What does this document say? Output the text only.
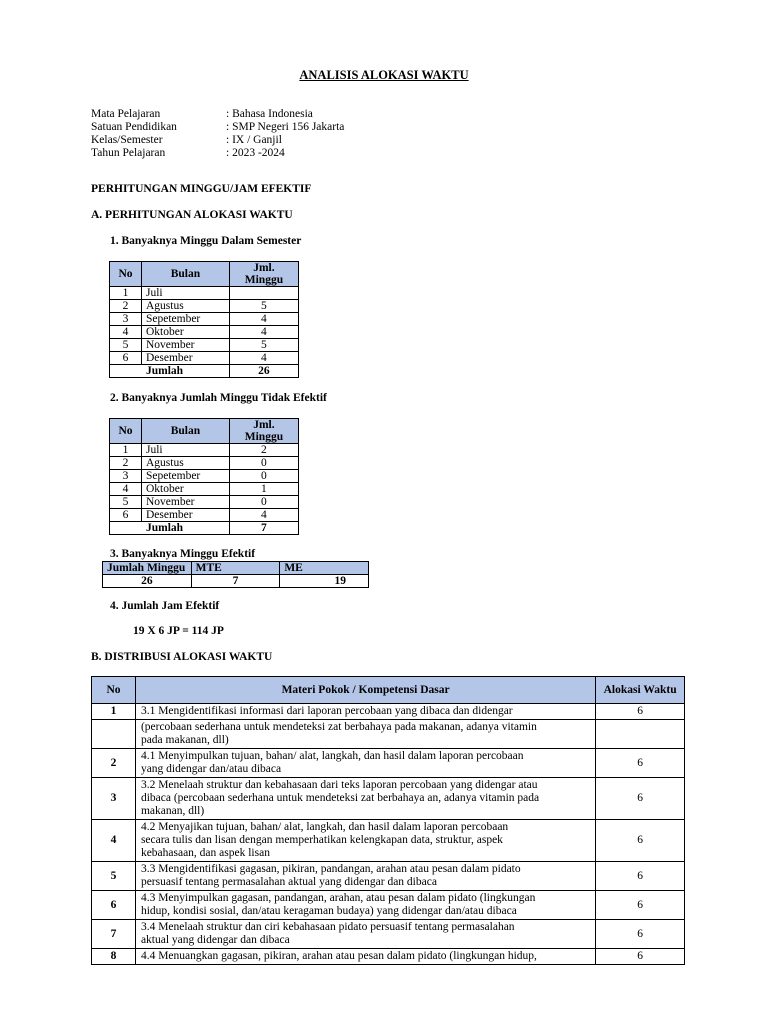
ANALISIS ALOKASI WAKTU
Mata Pelajaran	: Bahasa Indonesia
Satuan Pendidikan	: SMP Negeri 156 Jakarta
Kelas/Semester	: IX / Ganjil
Tahun Pelajaran	: 2023 -2024
PERHITUNGAN MINGGU/JAM EFEKTIF
A. PERHITUNGAN ALOKASI WAKTU
1. Banyaknya Minggu Dalam Semester
No	Bulan	Jml. Minggu
1	Juli	
2	Agustus	5
3	Sepetember	4
4	Oktober	4
5	November	5
6	Desember	4
Jumlah		26
2. Banyaknya Jumlah Minggu Tidak Efektif
No	Bulan	Jml. Minggu
1	Juli	2
2	Agustus	0
3	Sepetember	0
4	Oktober	1
5	November	0
6	Desember	4
Jumlah		7
3. Banyaknya Minggu Efektif
Jumlah Minggu	MTE	ME
26	7	19
4. Jumlah Jam Efektif
19 X 6 JP = 114 JP
B. DISTRIBUSI ALOKASI WAKTU
No	Materi Pokok / Kompetensi Dasar	Alokasi Waktu
1	3.1 Mengidentifikasi informasi dari laporan percobaan yang dibaca dan didengar	6

	(percobaan sederhana untuk mendeteksi zat berbahaya pada makanan, adanya vitamin
pada makanan, dll)	

2	4.1 Menyimpulkan tujuan, bahan/ alat, langkah, dan hasil dalam laporan percobaan
yang didengar dan/atau dibaca	6
3	3.2 Menelaah struktur dan kebahasaan dari teks laporan percobaan yang didengar atau
dibaca (percobaan sederhana untuk mendeteksi zat berbahaya an, adanya vitamin pada
makanan, dll)	6
4	4.2 Menyajikan tujuan, bahan/ alat, langkah, dan hasil dalam laporan percobaan
secara tulis dan lisan dengan memperhatikan kelengkapan data, struktur, aspek
kebahasaan, dan aspek lisan	6
5	3.3 Mengidentifikasi gagasan, pikiran, pandangan, arahan atau pesan dalam pidato
persuasif tentang permasalahan aktual yang didengar dan dibaca	6
6	4.3 Menyimpulkan gagasan, pandangan, arahan, atau pesan dalam pidato (lingkungan
hidup, kondisi sosial, dan/atau keragaman budaya) yang didengar dan/atau dibaca	6
7	3.4 Menelaah struktur dan ciri kebahasaan pidato persuasif tentang permasalahan
aktual yang didengar dan dibaca	6
8	4.4 Menuangkan gagasan, pikiran, arahan atau pesan dalam pidato (lingkungan hidup,	6
